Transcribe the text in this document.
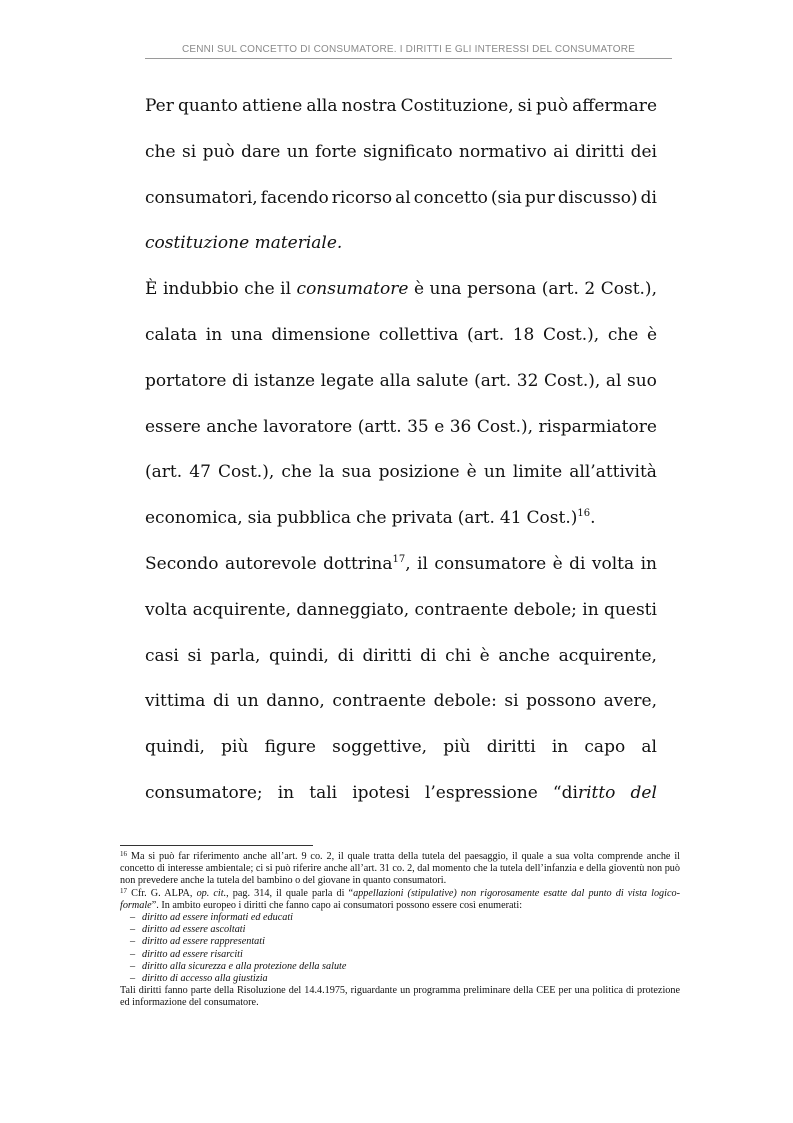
CENNI SUL CONCETTO DI CONSUMATORE. I DIRITTI E GLI INTERESSI DEL CONSUMATORE
Per quanto attiene alla nostra Costituzione, si può affermare
che si può dare un forte significato normativo ai diritti dei
consumatori, facendo ricorso al concetto (sia pur discusso) di
costituzione materiale.
È indubbio che il consumatore è una persona (art. 2 Cost.),
calata in una dimensione collettiva (art. 18 Cost.), che è
portatore di istanze legate alla salute (art. 32 Cost.), al suo
essere anche lavoratore (artt. 35 e 36 Cost.), risparmiatore
(art. 47 Cost.), che la sua posizione è un limite all’attività
economica, sia pubblica che privata (art. 41 Cost.)$^{16}$.
Secondo autorevole dottrina$^{17}$, il consumatore è di volta in
volta acquirente, danneggiato, contraente debole; in questi
casi si parla, quindi, di diritti di chi è anche acquirente,
vittima di un danno, contraente debole: si possono avere,
quindi, più figure soggettive, più diritti in capo al
consumatore; in tali ipotesi l’espressione “diritto del

$^{16}$ Ma si può far riferimento anche all’art. 9 co. 2, il quale tratta della tutela del paesaggio, il quale a sua volta comprende anche il concetto di interesse ambientale; ci si può riferire anche all’art. 31 co. 2, dal momento che la tutela dell’infanzia e della gioventù non può non prevedere anche la tutela del bambino o del giovane in quanto consumatori.

$^{17}$ Cfr. G. ALPA, op. cit., pag. 314, il quale parla di “appellazioni (stipulative) non rigorosamente esatte dal punto di vista logico-formale”. In ambito europeo i diritti che fanno capo ai consumatori possono essere così enumerati:

– diritto ad essere informati ed educati
– diritto ad essere ascoltati
– diritto ad essere rappresentati
– diritto ad essere risarciti
– diritto alla sicurezza e alla protezione della salute
– diritto di accesso alla giustizia

Tali diritti fanno parte della Risoluzione del 14.4.1975, riguardante un programma preliminare della CEE per una politica di protezione ed informazione del consumatore.
